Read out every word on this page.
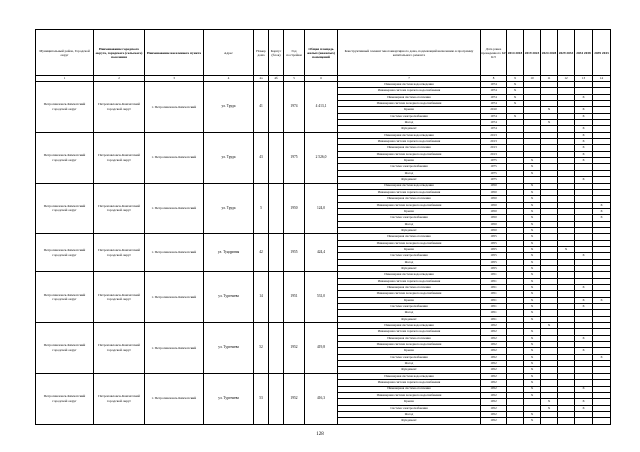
Муниципальный район, Городской округ	Наименование городского округа, городского (сельского) поселения	Наименование населенного пункта	Адрес	Номер дома	Корпус (блок)	Год постройки	Общая площадь жилых (нежилых) помещений	Конструктивный элемент многоквартирного дома, подлежащий включению в программу капитального ремонта	Дата ранее проведенного КР КЭ	2014 2018	2019 2023	2024 2028	2029 2033	2034 2038	2039 2043
1	2	3	4	4а	4б	5	6	7	8	9	10	11	12	13	14
Петропавловск-Камчатский городской округ	Петропавловск-Камчатский городской округ	г. Петропавловск-Камчатский	ул. Труда	41		1974	4 413,1	Инженерная система водоотведения	1974	X					
								Инженерная система горячего водоснабжения	1974	X					
								Инженерная система отопления	1974	X				X	
								Инженерная система холодного водоснабжения	1974	X					
								Крыша	2010			X		X	
								Система электроснабжения	1974	X				X	
								Фасад	1974			X			
								Фундамент	1974					X	
Петропавловск-Камчатский городской округ	Петропавловск-Камчатский городской округ	г. Петропавловск-Камчатский	ул. Труда	43		1975	2 526,0	Инженерная система водоотведения	2013					X	
								Инженерная система горячего водоснабжения	2013					X	
								Инженерная система отопления	2013					X	
								Инженерная система холодного водоснабжения	2013					X	
								Крыша	1975		X			X	
								Система электроснабжения	1975		X				
								Фасад	1975		X				
								Фундамент	1975					X	
Петропавловск-Камчатский городской округ	Петропавловск-Камчатский городской округ	г. Петропавловск-Камчатский	ул. Труда	5		1950	124,0	Инженерная система водоотведения	1950		X				
								Инженерная система горячего водоснабжения	1950		X				
								Инженерная система отопления	1950		X				
								Инженерная система холодного водоснабжения	1950		X				X
								Крыша	1950		X				X
								Система электроснабжения	1950		X				X
								Фасад	1950		X				
								Фундамент	1950		X				
Петропавловск-Камчатский городской округ	Петропавловск-Камчатский городской округ	г. Петропавловск-Камчатский	ул. Тундровая	42		1955	424,4	Инженерная система отопления	1955		X				
								Инженерная система холодного водоснабжения	1955		X				
								Крыша	1955		X		X		
								Система электроснабжения	1955		X			X	
								Фасад	1955		X				
								Фундамент	1955		X				
Петропавловск-Камчатский городской округ	Петропавловск-Камчатский городской округ	г. Петропавловск-Камчатский	ул. Тургенева	14		1951	531,0	Инженерная система водоотведения	1951		X				
								Инженерная система горячего водоснабжения	1951		X				
								Инженерная система отопления	1951		X			X	
								Инженерная система холодного водоснабжения	1951		X				
								Крыша	1951		X			X	X
								Система электроснабжения	1951		X			X	
								Фасад	1951		X				
								Фундамент	1951		X				
Петропавловск-Камчатский городской округ	Петропавловск-Камчатский городской округ	г. Петропавловск-Камчатский	ул. Тургенева	52		1952	419,8	Инженерная система водоотведения	1952			X			
								Инженерная система горячего водоснабжения	1952		X				
								Инженерная система отопления	1952		X			X	
								Инженерная система холодного водоснабжения	1952		X				
								Крыша	1952		X			X	
								Система электроснабжения	1952		X				X
								Фасад	1952		X				
								Фундамент	1952		X				
Петропавловск-Камчатский городской округ	Петропавловск-Камчатский городской округ	г. Петропавловск-Камчатский	ул. Тургенева	53		1952	416,3	Инженерная система водоотведения	1952		X				
								Инженерная система горячего водоснабжения	1952		X				
								Инженерная система отопления	1952		X			X	
								Инженерная система холодного водоснабжения	1952		X				
								Крыша	1952			X		X	
								Система электроснабжения	1952			X		X	
								Фасад	1952		X				
								Фундамент	1952		X				
128
